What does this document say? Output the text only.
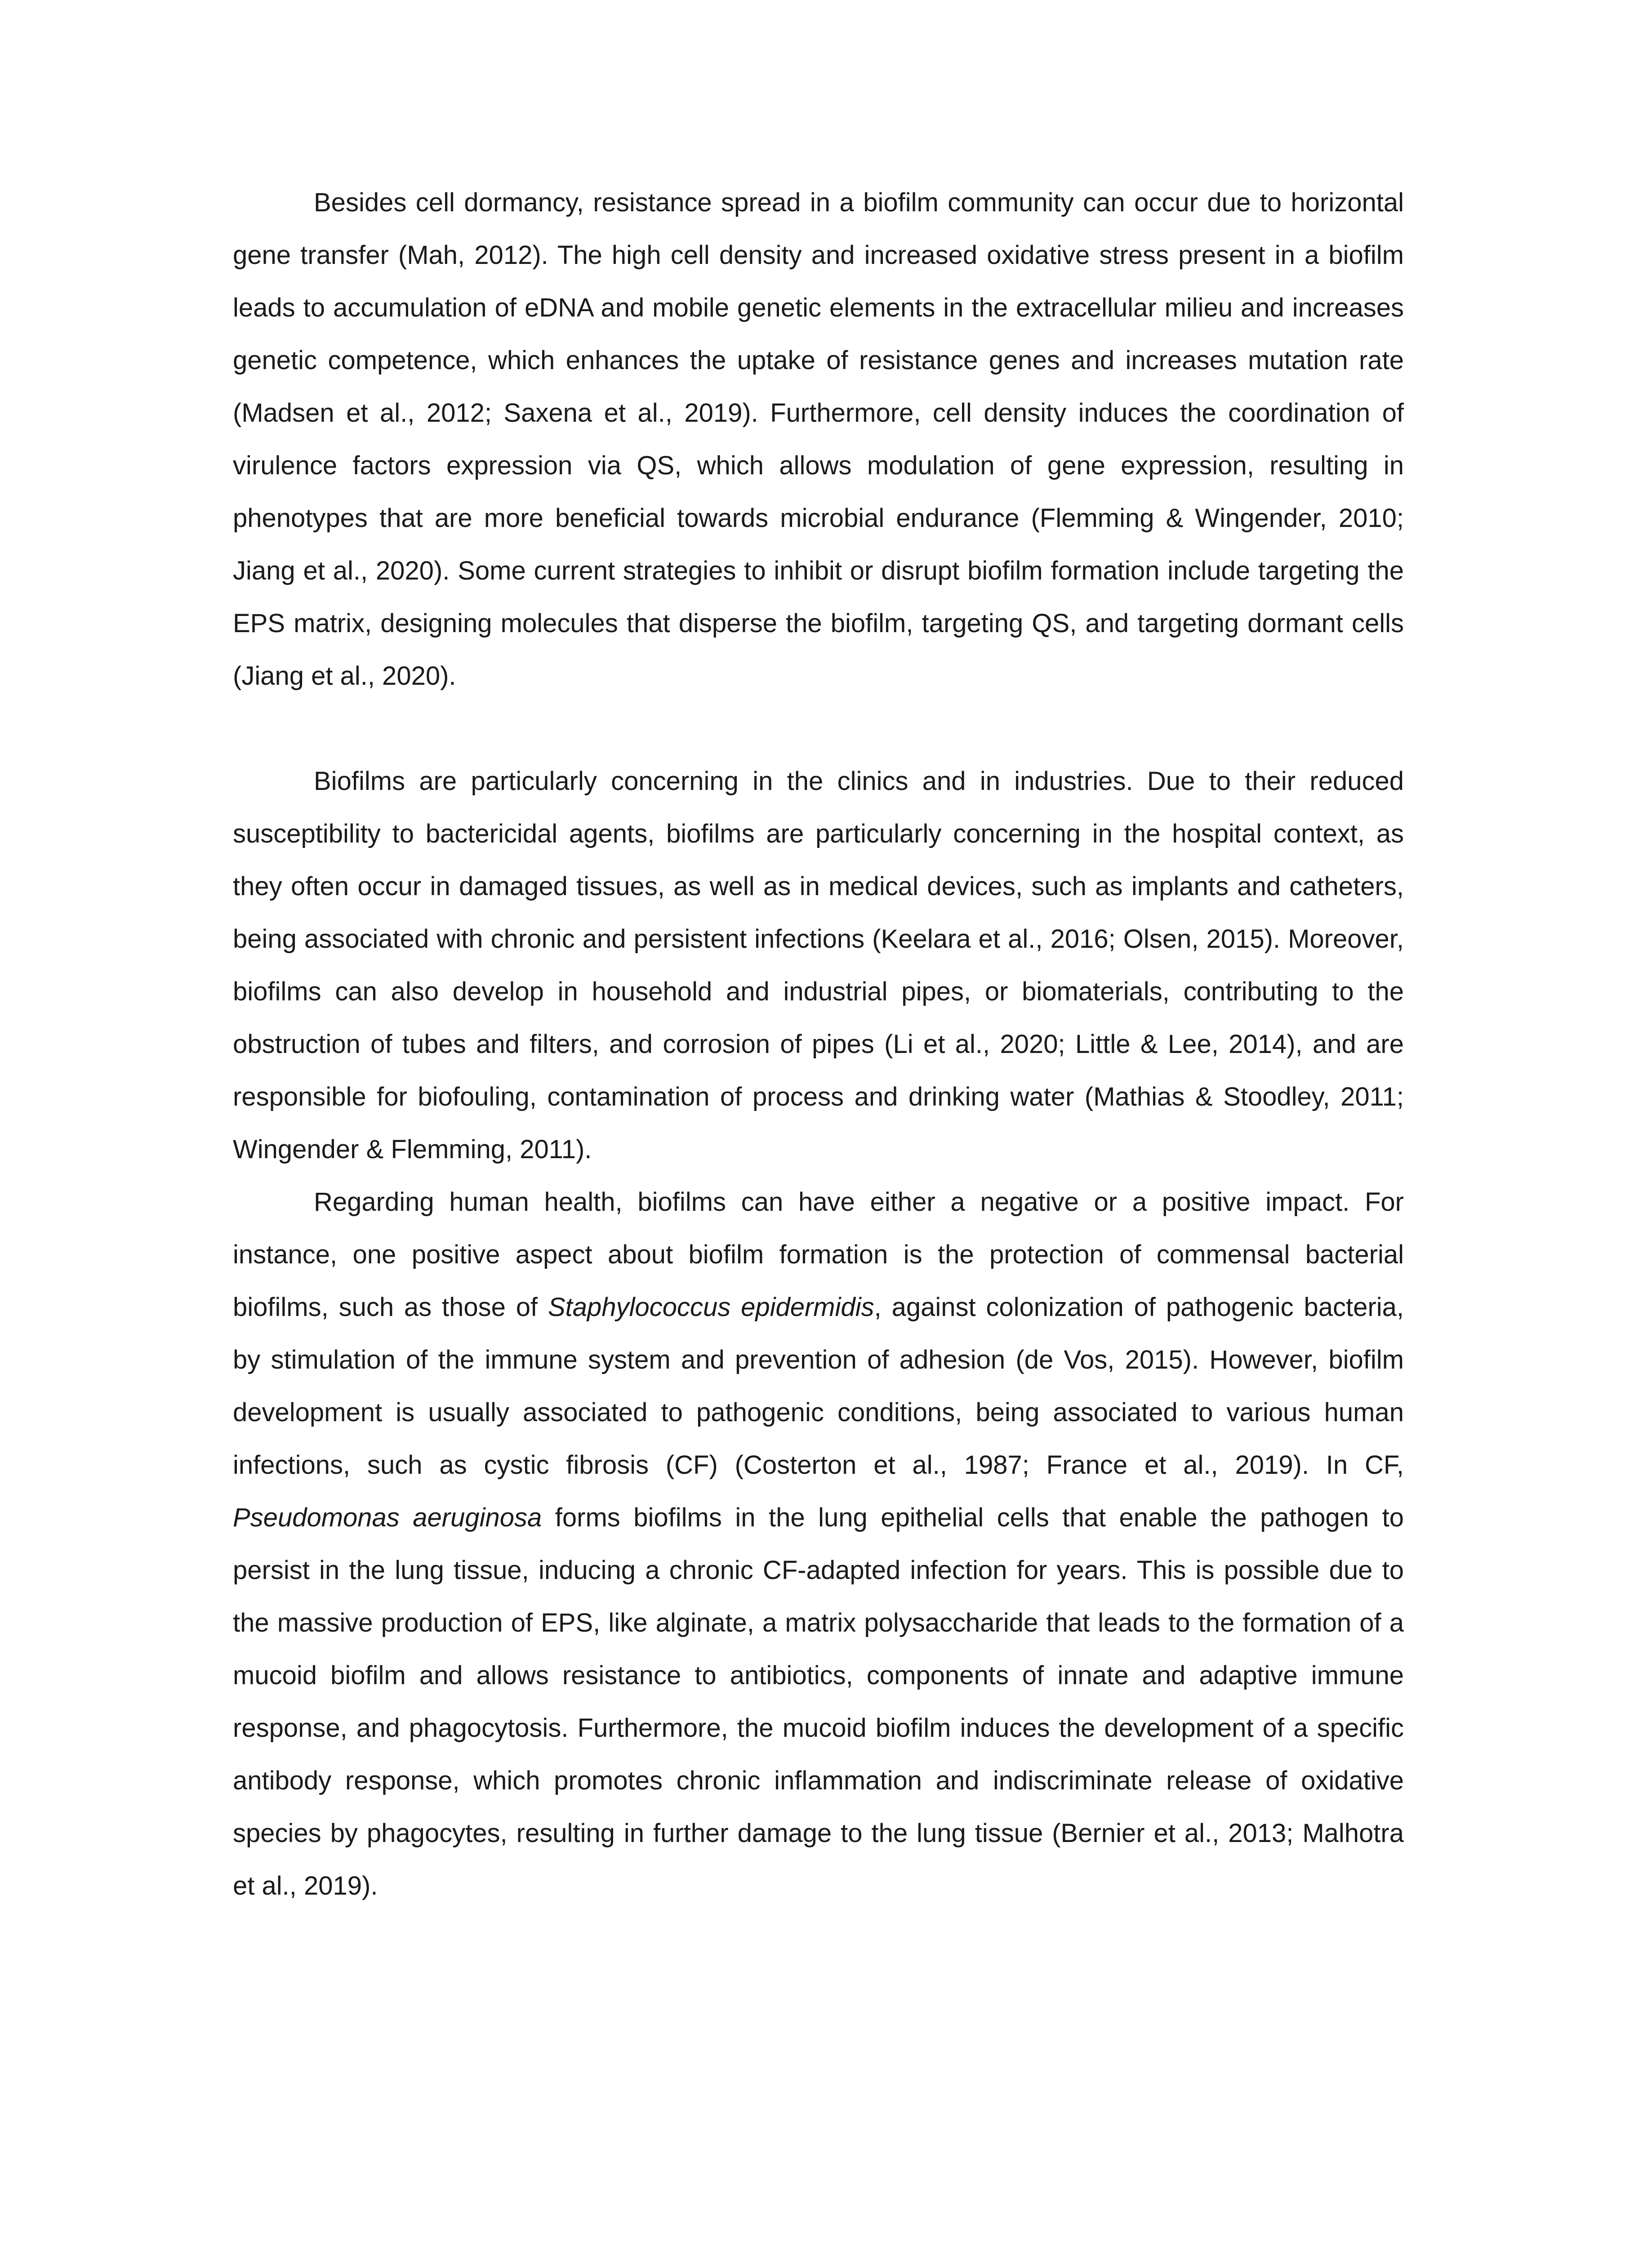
Besides cell dormancy, resistance spread in a biofilm community can occur due to horizontal gene transfer (Mah, 2012). The high cell density and increased oxidative stress present in a biofilm leads to accumulation of eDNA and mobile genetic elements in the extracellular milieu and increases genetic competence, which enhances the uptake of resistance genes and increases mutation rate (Madsen et al., 2012; Saxena et al., 2019). Furthermore, cell density induces the coordination of virulence factors expression via QS, which allows modulation of gene expression, resulting in phenotypes that are more beneficial towards microbial endurance (Flemming & Wingender, 2010; Jiang et al., 2020). Some current strategies to inhibit or disrupt biofilm formation include targeting the EPS matrix, designing molecules that disperse the biofilm, targeting QS, and targeting dormant cells (Jiang et al., 2020).

Biofilms are particularly concerning in the clinics and in industries. Due to their reduced susceptibility to bactericidal agents, biofilms are particularly concerning in the hospital context, as they often occur in damaged tissues, as well as in medical devices, such as implants and catheters, being associated with chronic and persistent infections (Keelara et al., 2016; Olsen, 2015). Moreover, biofilms can also develop in household and industrial pipes, or biomaterials, contributing to the obstruction of tubes and filters, and corrosion of pipes (Li et al., 2020; Little & Lee, 2014), and are responsible for biofouling, contamination of process and drinking water (Mathias & Stoodley, 2011; Wingender & Flemming, 2011).

Regarding human health, biofilms can have either a negative or a positive impact. For instance, one positive aspect about biofilm formation is the protection of commensal bacterial biofilms, such as those of Staphylococcus epidermidis, against colonization of pathogenic bacteria, by stimulation of the immune system and prevention of adhesion (de Vos, 2015). However, biofilm development is usually associated to pathogenic conditions, being associated to various human infections, such as cystic fibrosis (CF) (Costerton et al., 1987; France et al., 2019). In CF, Pseudomonas aeruginosa forms biofilms in the lung epithelial cells that enable the pathogen to persist in the lung tissue, inducing a chronic CF-adapted infection for years. This is possible due to the massive production of EPS, like alginate, a matrix polysaccharide that leads to the formation of a mucoid biofilm and allows resistance to antibiotics, components of innate and adaptive immune response, and phagocytosis. Furthermore, the mucoid biofilm induces the development of a specific antibody response, which promotes chronic inflammation and indiscriminate release of oxidative species by phagocytes, resulting in further damage to the lung tissue (Bernier et al., 2013; Malhotra et al., 2019).
